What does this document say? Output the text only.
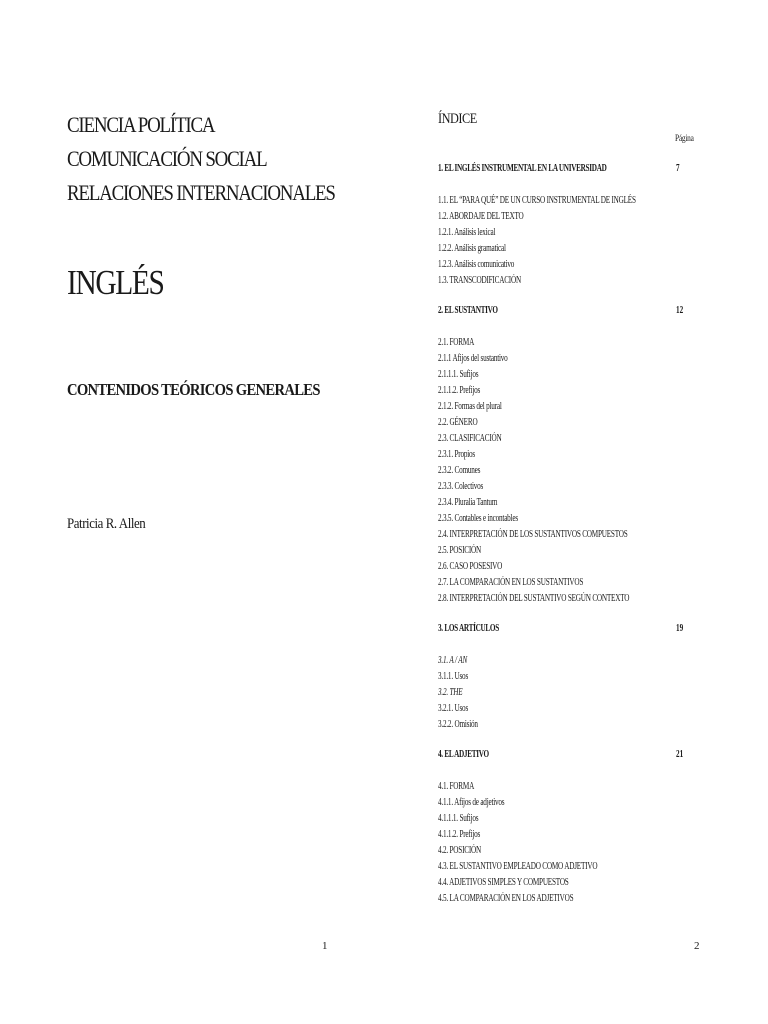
CIENCIA POLÍTICA
COMUNICACIÓN SOCIAL
RELACIONES INTERNACIONALES
INGLÉS
CONTENIDOS TEÓRICOS GENERALES

Patricia R. Allen

1
ÍNDICE
Página
1. EL INGLÉS INSTRUMENTAL EN LA UNIVERSIDAD	7
1.1. EL “PARA QUÉ” DE UN CURSO INSTRUMENTAL DE INGLÉS
1.2. ABORDAJE DEL TEXTO
1.2.1. Análisis lexical
1.2.2. Análisis gramatical
1.2.3. Análisis comunicativo
1.3. TRANSCODIFICACIÓN
2. EL SUSTANTIVO	12
2.1. FORMA
2.1.1 Afijos del sustantivo
2.1.1.1. Sufijos
2.1.1.2. Prefijos
2.1.2. Formas del plural
2.2. GÉNERO
2.3. CLASIFICACIÓN
2.3.1. Propios
2.3.2. Comunes
2.3.3. Colectivos
2.3.4. Pluralia Tantum
2.3.5. Contables e incontables
2.4. INTERPRETACIÓN DE LOS SUSTANTIVOS COMPUESTOS
2.5. POSICIÓN
2.6. CASO POSESIVO
2.7. LA COMPARACIÓN EN LOS SUSTANTIVOS
2.8. INTERPRETACIÓN DEL SUSTANTIVO SEGÚN CONTEXTO
3. LOS ARTÍCULOS	19
3.1. A / AN
3.1.1. Usos
3.2. THE
3.2.1. Usos
3.2.2. Omisión
4. EL ADJETIVO	21
4.1. FORMA
4.1.1. Afijos de adjetivos
4.1.1.1. Sufijos
4.1.1.2. Prefijos
4.2. POSICIÓN
4.3. EL SUSTANTIVO EMPLEADO COMO ADJETIVO
4.4. ADJETIVOS SIMPLES Y COMPUESTOS
4.5. LA COMPARACIÓN EN LOS ADJETIVOS
2
